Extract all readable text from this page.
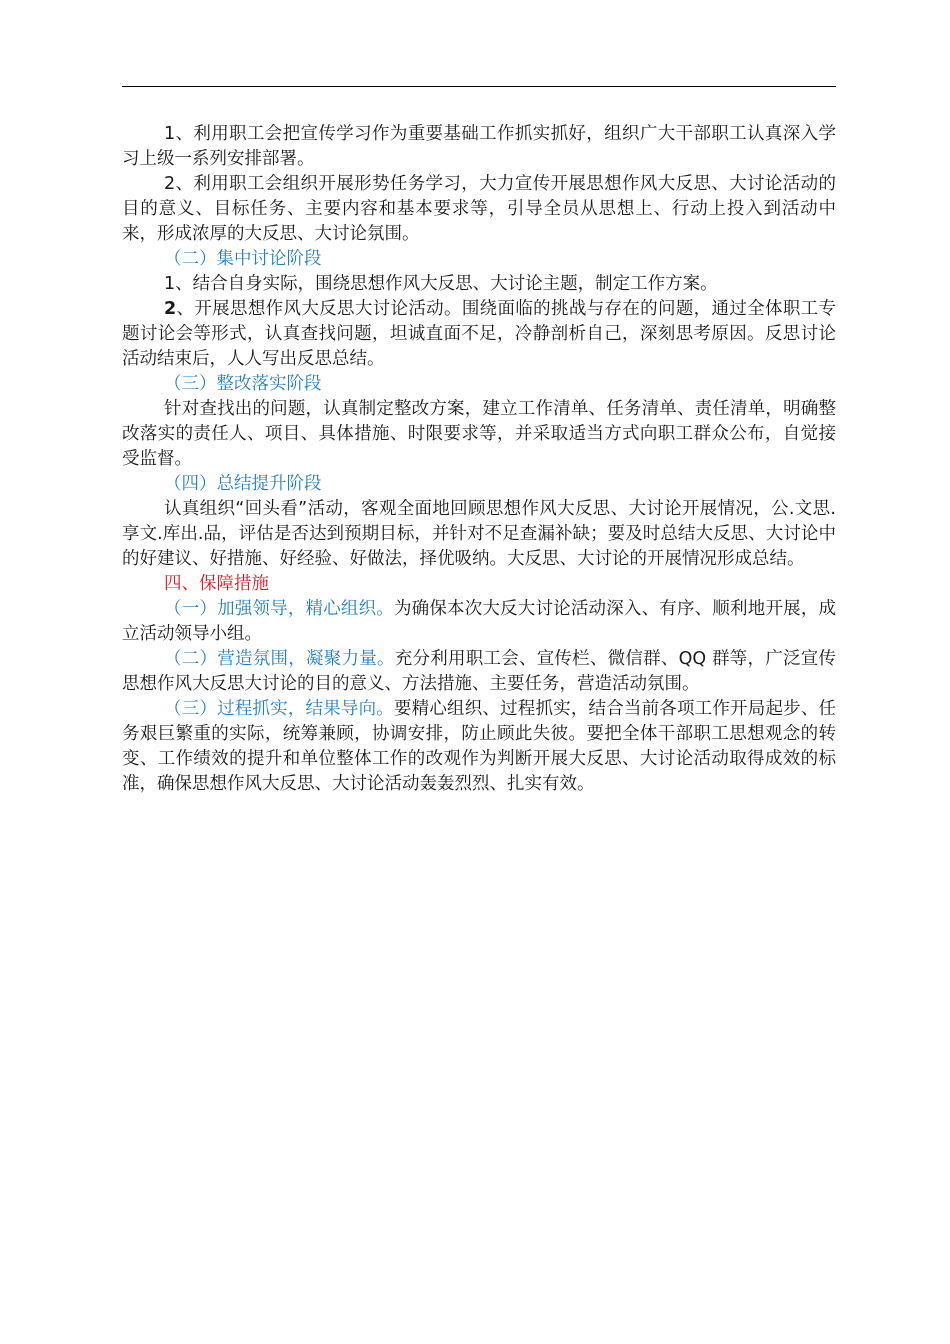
1、利用职工会把宣传学习作为重要基础工作抓实抓好，组织广大干部职工认真深入学习上级一系列安排部署。

2、利用职工会组织开展形势任务学习，大力宣传开展思想作风大反思、大讨论活动的目的意义、目标任务、主要内容和基本要求等，引导全员从思想上、行动上投入到活动中来，形成浓厚的大反思、大讨论氛围。

（二）集中讨论阶段

1、结合自身实际，围绕思想作风大反思、大讨论主题，制定工作方案。

2、开展思想作风大反思大讨论活动。围绕面临的挑战与存在的问题，通过全体职工专题讨论会等形式，认真查找问题，坦诚直面不足，冷静剖析自己，深刻思考原因。反思讨论活动结束后，人人写出反思总结。

（三）整改落实阶段

针对查找出的问题，认真制定整改方案，建立工作清单、任务清单、责任清单，明确整改落实的责任人、项目、具体措施、时限要求等，并采取适当方式向职工群众公布，自觉接受监督。

（四）总结提升阶段

认真组织“回头看”活动，客观全面地回顾思想作风大反思、大讨论开展情况，公.文思.享文.库出.品，评估是否达到预期目标，并针对不足查漏补缺；要及时总结大反思、大讨论中的好建议、好措施、好经验、好做法，择优吸纳。大反思、大讨论的开展情况形成总结。

四、保障措施

（一）加强领导，精心组织。为确保本次大反大讨论活动深入、有序、顺利地开展，成立活动领导小组。

（二）营造氛围，凝聚力量。充分利用职工会、宣传栏、微信群、QQ 群等，广泛宣传思想作风大反思大讨论的目的意义、方法措施、主要任务，营造活动氛围。

（三）过程抓实，结果导向。要精心组织、过程抓实，结合当前各项工作开局起步、任务艰巨繁重的实际，统筹兼顾，协调安排，防止顾此失彼。要把全体干部职工思想观念的转变、工作绩效的提升和单位整体工作的改观作为判断开展大反思、大讨论活动取得成效的标准，确保思想作风大反思、大讨论活动轰轰烈烈、扎实有效。
